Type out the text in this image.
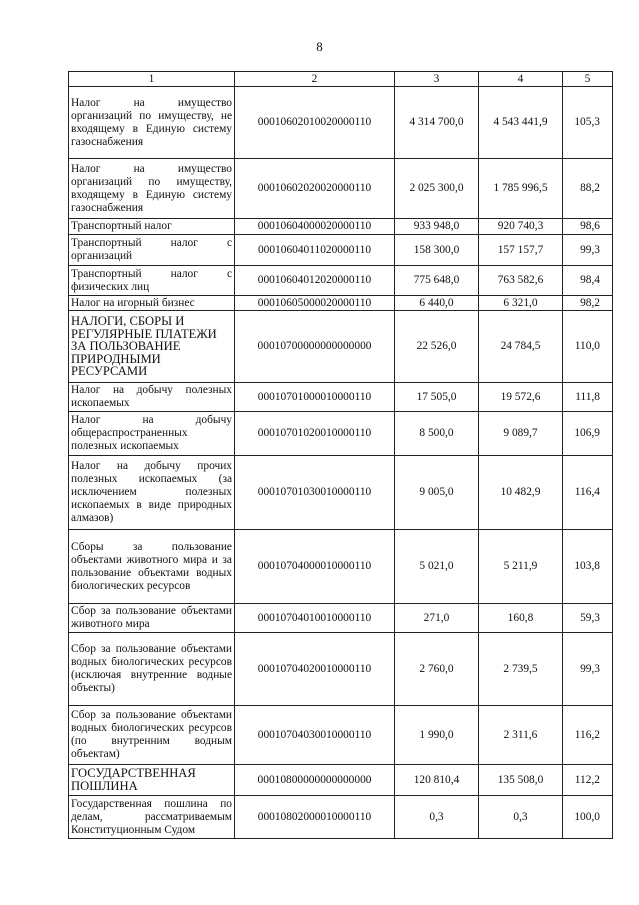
8
1	2	3	4	5
Налог на имущество организаций по имуществу, не входящему в Единую систему газоснабжения	00010602010020000110	4 314 700,0	4 543 441,9	105,3
Налог на имущество организаций по имуществу, входящему в Единую систему газоснабжения	00010602020020000110	2 025 300,0	1 785 996,5	88,2
Транспортный налог	00010604000020000110	933 948,0	920 740,3	98,6
Транспортный налог с организаций	00010604011020000110	158 300,0	157 157,7	99,3
Транспортный налог с физических лиц	00010604012020000110	775 648,0	763 582,6	98,4
Налог на игорный бизнес	00010605000020000110	6 440,0	6 321,0	98,2
НАЛОГИ, СБОРЫ И РЕГУЛЯРНЫЕ ПЛАТЕЖИ ЗА ПОЛЬЗОВАНИЕ ПРИРОДНЫМИ РЕСУРСАМИ	00010700000000000000	22 526,0	24 784,5	110,0
Налог на добычу полезных ископаемых	00010701000010000110	17 505,0	19 572,6	111,8
Налог на добычу общераспространенных полезных ископаемых	00010701020010000110	8 500,0	9 089,7	106,9
Налог на добычу прочих полезных ископаемых (за исключением полезных ископаемых в виде природных алмазов)	00010701030010000110	9 005,0	10 482,9	116,4
Сборы за пользование объектами животного мира и за пользование объектами водных биологических ресурсов	00010704000010000110	5 021,0	5 211,9	103,8
Сбор за пользование объектами животного мира	00010704010010000110	271,0	160,8	59,3
Сбор за пользование объектами водных биологических ресурсов (исключая внутренние водные объекты)	00010704020010000110	2 760,0	2 739,5	99,3
Сбор за пользование объектами водных биологических ресурсов (по внутренним водным объектам)	00010704030010000110	1 990,0	2 311,6	116,2
ГОСУДАРСТВЕННАЯ ПОШЛИНА	00010800000000000000	120 810,4	135 508,0	112,2
Государственная пошлина по делам, рассматриваемым Конституционным Судом	00010802000010000110	0,3	0,3	100,0
